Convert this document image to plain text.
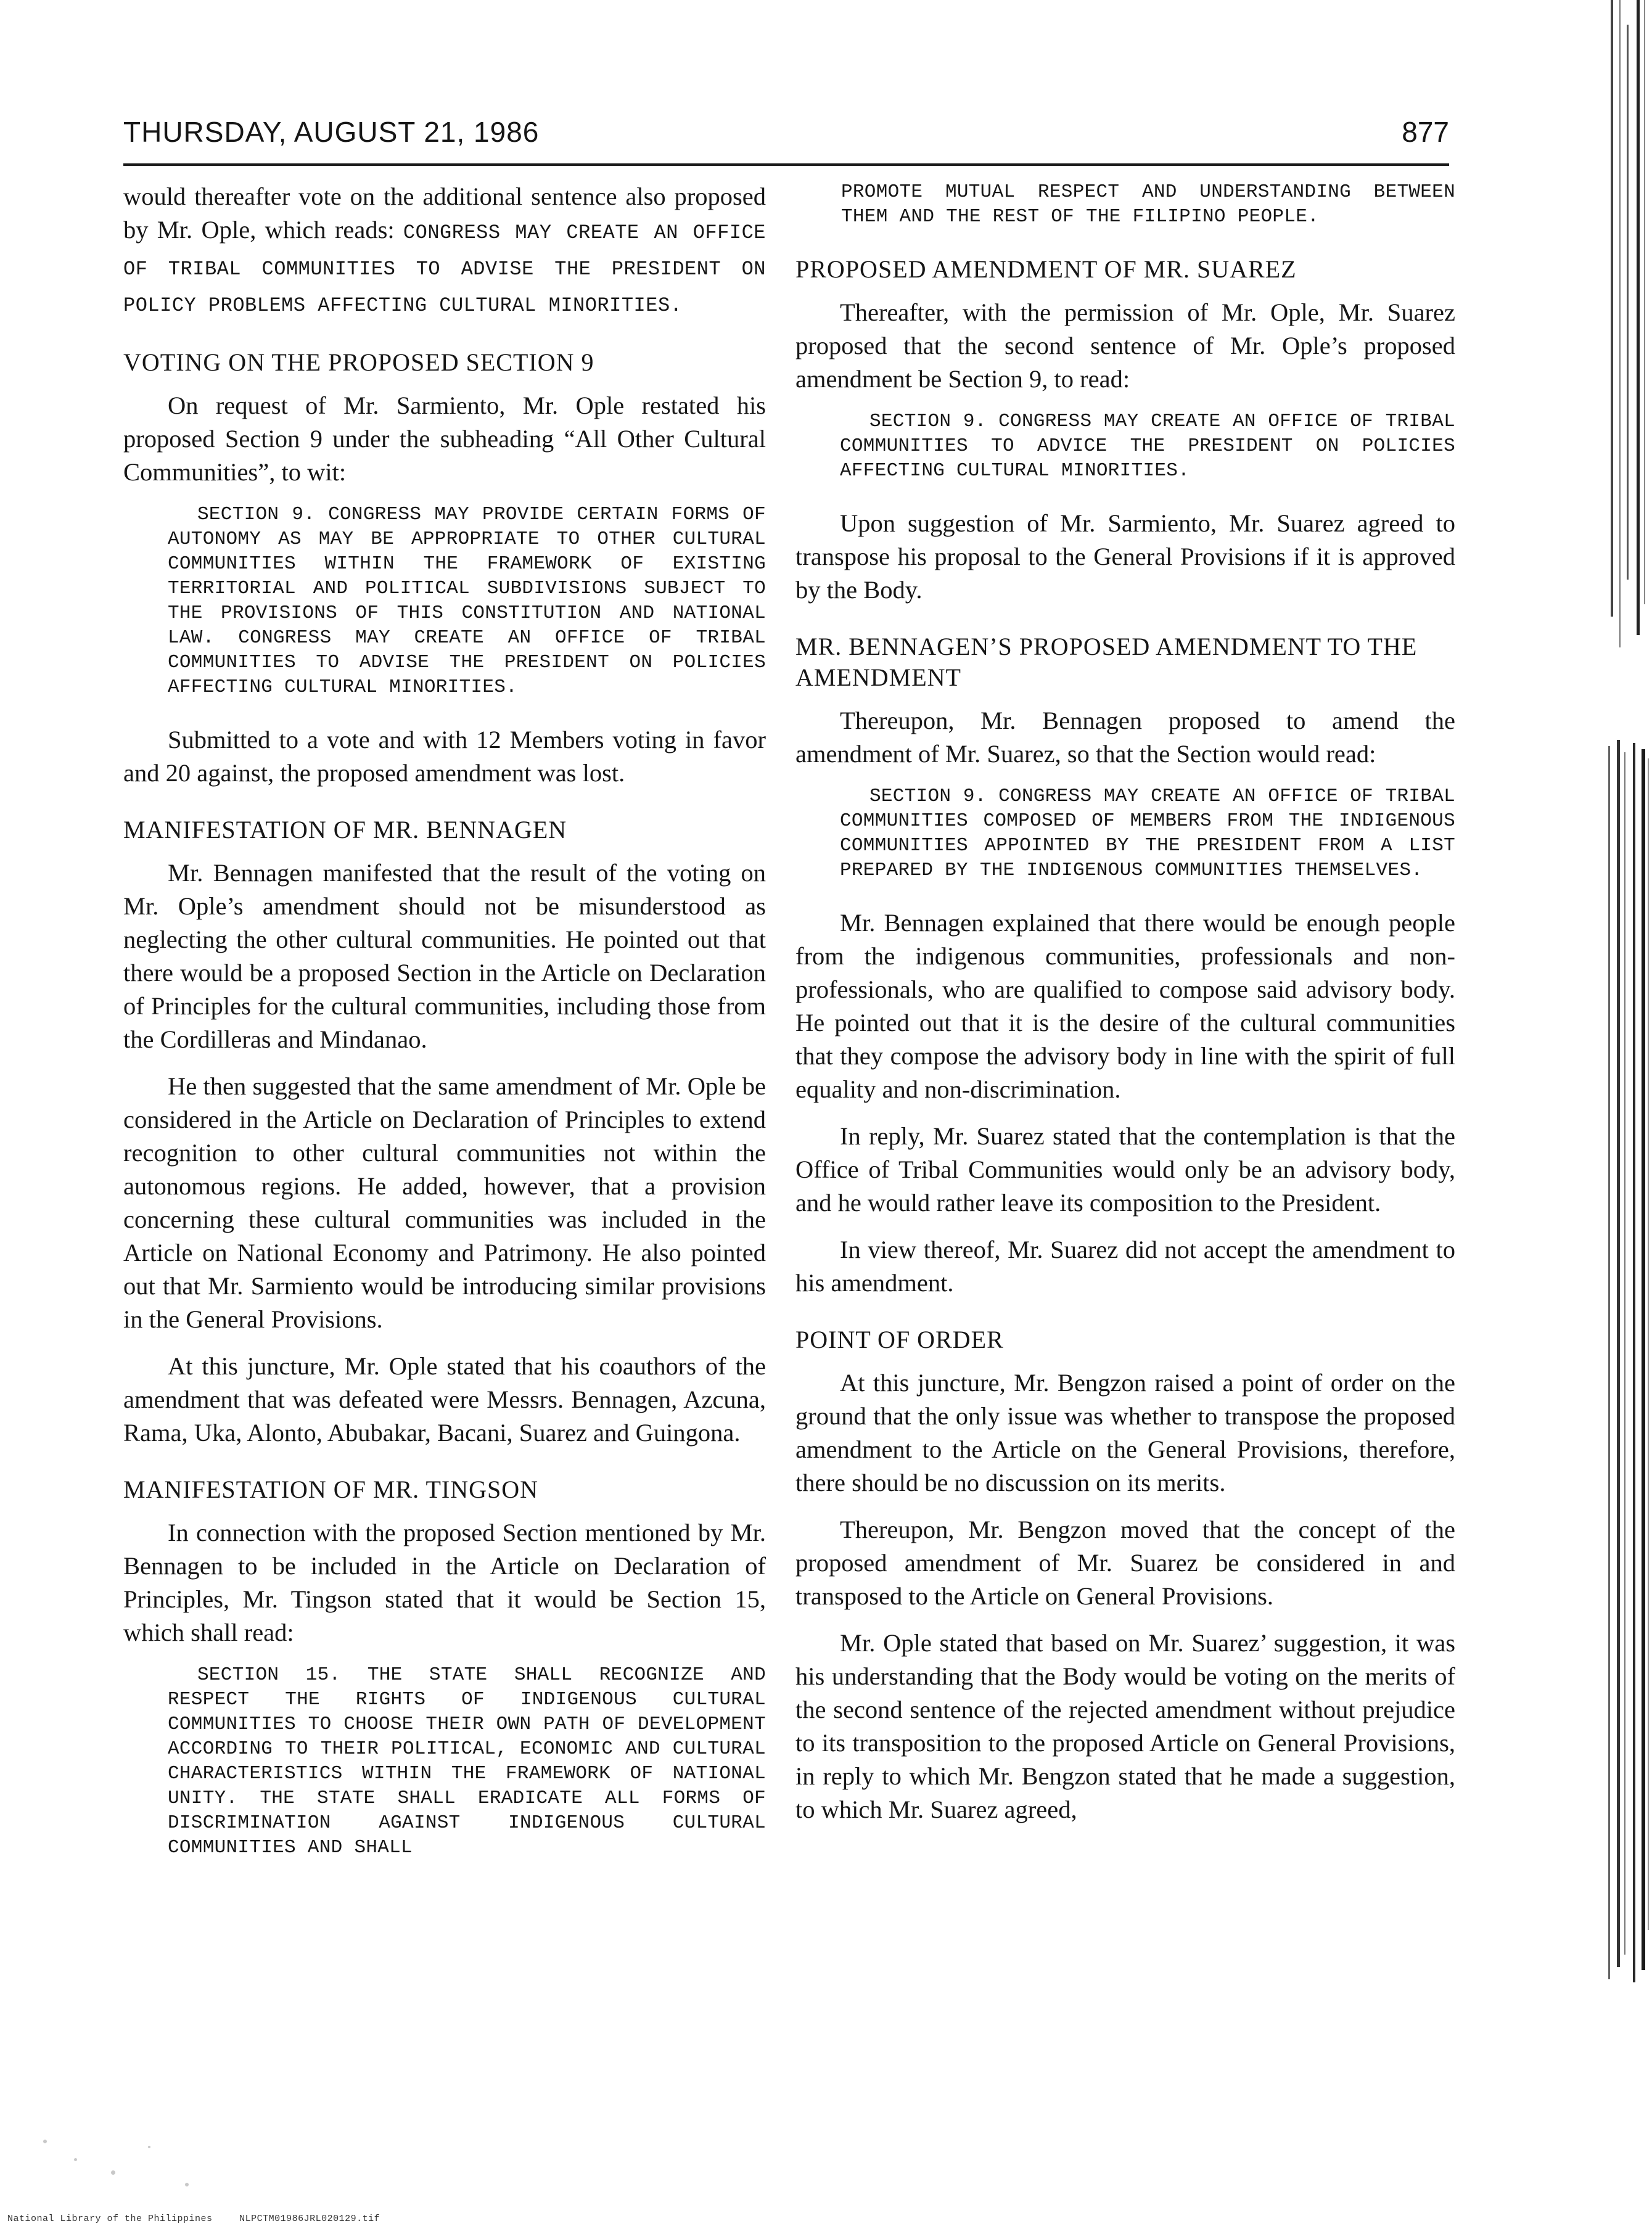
THURSDAY, AUGUST 21, 1986	877

would thereafter vote on the additional sentence also proposed by Mr. Ople, which reads: CONGRESS MAY CREATE AN OFFICE OF TRIBAL COMMUNITIES TO ADVISE THE PRESIDENT ON POLICY PROBLEMS AFFECTING CULTURAL MINORITIES.

VOTING ON THE PROPOSED SECTION 9

On request of Mr. Sarmiento, Mr. Ople restated his proposed Section 9 under the subheading “All Other Cultural Communities”, to wit:

SECTION 9. CONGRESS MAY PROVIDE CERTAIN FORMS OF AUTONOMY AS MAY BE APPROPRIATE TO OTHER CULTURAL COMMUNITIES WITHIN THE FRAMEWORK OF EXISTING TERRITORIAL AND POLITICAL SUBDIVISIONS SUBJECT TO THE PROVISIONS OF THIS CONSTITUTION AND NATIONAL LAW. CONGRESS MAY CREATE AN OFFICE OF TRIBAL COMMUNITIES TO ADVISE THE PRESIDENT ON POLICIES AFFECTING CULTURAL MINORITIES.

Submitted to a vote and with 12 Members voting in favor and 20 against, the proposed amendment was lost.

MANIFESTATION OF MR. BENNAGEN

Mr. Bennagen manifested that the result of the voting on Mr. Ople’s amendment should not be misunderstood as neglecting the other cultural communities. He pointed out that there would be a proposed Section in the Article on Declaration of Principles for the cultural communities, including those from the Cordilleras and Mindanao.

He then suggested that the same amendment of Mr. Ople be considered in the Article on Declaration of Principles to extend recognition to other cultural communities not within the autonomous regions. He added, however, that a provision concerning these cultural communities was included in the Article on National Economy and Patrimony. He also pointed out that Mr. Sarmiento would be introducing similar provisions in the General Provisions.

At this juncture, Mr. Ople stated that his coauthors of the amendment that was defeated were Messrs. Bennagen, Azcuna, Rama, Uka, Alonto, Abubakar, Bacani, Suarez and Guingona.

MANIFESTATION OF MR. TINGSON

In connection with the proposed Section mentioned by Mr. Bennagen to be included in the Article on Declaration of Principles, Mr. Tingson stated that it would be Section 15, which shall read:

SECTION 15. THE STATE SHALL RECOGNIZE AND RESPECT THE RIGHTS OF INDIGENOUS CULTURAL COMMUNITIES TO CHOOSE THEIR OWN PATH OF DEVELOPMENT ACCORDING TO THEIR POLITICAL, ECONOMIC AND CULTURAL CHARACTERISTICS WITHIN THE FRAMEWORK OF NATIONAL UNITY. THE STATE SHALL ERADICATE ALL FORMS OF DISCRIMINATION AGAINST INDIGENOUS CULTURAL COMMUNITIES AND SHALL
PROMOTE MUTUAL RESPECT AND UNDERSTANDING BETWEEN THEM AND THE REST OF THE FILIPINO PEOPLE.
PROPOSED AMENDMENT OF MR. SUAREZ

Thereafter, with the permission of Mr. Ople, Mr. Suarez proposed that the second sentence of Mr. Ople’s proposed amendment be Section 9, to read:

SECTION 9. CONGRESS MAY CREATE AN OFFICE OF TRIBAL COMMUNITIES TO ADVICE THE PRESIDENT ON POLICIES AFFECTING CULTURAL MINORITIES.

Upon suggestion of Mr. Sarmiento, Mr. Suarez agreed to transpose his proposal to the General Provisions if it is approved by the Body.

MR. BENNAGEN’S PROPOSED AMENDMENT TO THE AMENDMENT

Thereupon, Mr. Bennagen proposed to amend the amendment of Mr. Suarez, so that the Section would read:

SECTION 9. CONGRESS MAY CREATE AN OFFICE OF TRIBAL COMMUNITIES COMPOSED OF MEMBERS FROM THE INDIGENOUS COMMUNITIES APPOINTED BY THE PRESIDENT FROM A LIST PREPARED BY THE INDIGENOUS COMMUNITIES THEMSELVES.

Mr. Bennagen explained that there would be enough people from the indigenous communities, professionals and non-professionals, who are qualified to compose said advisory body. He pointed out that it is the desire of the cultural communities that they compose the advisory body in line with the spirit of full equality and non-discrimination.

In reply, Mr. Suarez stated that the contemplation is that the Office of Tribal Communities would only be an advisory body, and he would rather leave its composition to the President.

In view thereof, Mr. Suarez did not accept the amendment to his amendment.

POINT OF ORDER

At this juncture, Mr. Bengzon raised a point of order on the ground that the only issue was whether to transpose the proposed amendment to the Article on the General Provisions, therefore, there should be no discussion on its merits.

Thereupon, Mr. Bengzon moved that the concept of the proposed amendment of Mr. Suarez be considered in and transposed to the Article on General Provisions.

Mr. Ople stated that based on Mr. Suarez’ suggestion, it was his understanding that the Body would be voting on the merits of the second sentence of the rejected amendment without prejudice to its transposition to the proposed Article on General Provisions, in reply to which Mr. Bengzon stated that he made a suggestion, to which Mr. Suarez agreed,

National Library of the Philippines	NLPCTM01986JRL020129.tif
